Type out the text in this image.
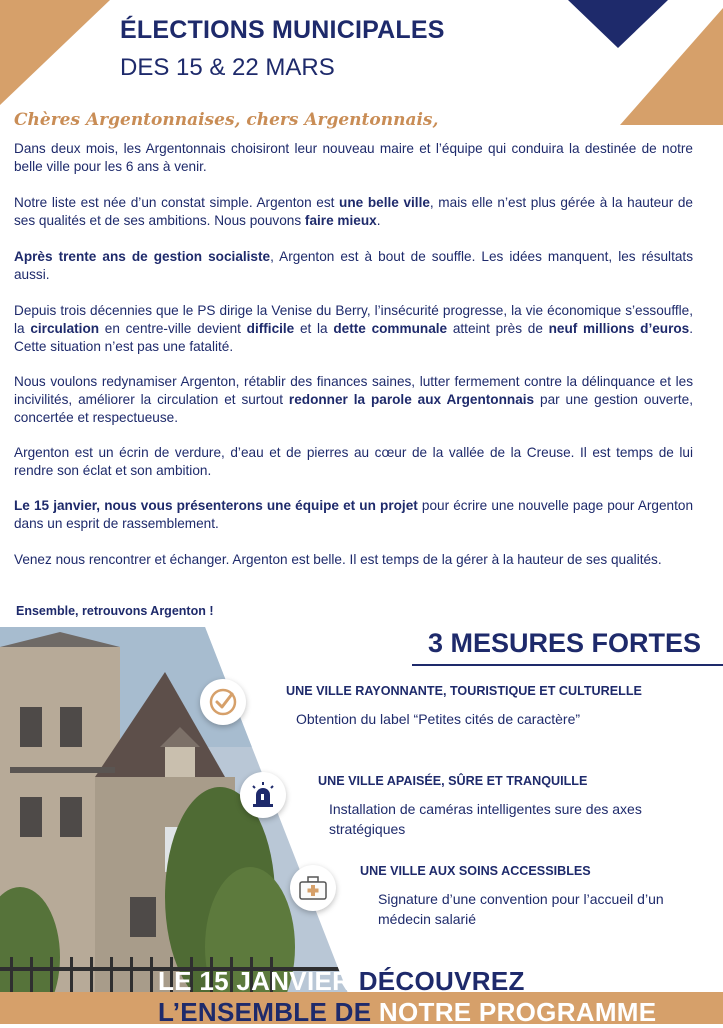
ÉLECTIONS MUNICIPALES
DES 15 & 22 MARS
Chères Argentonnaises, chers Argentonnais,
Dans deux mois, les Argentonnais choisiront leur nouveau maire et l’équipe qui conduira la destinée de notre belle ville pour les 6 ans à venir.
Notre liste est née d’un constat simple. Argenton est une belle ville, mais elle n’est plus gérée à la hauteur de ses qualités et de ses ambitions. Nous pouvons faire mieux.
Après trente ans de gestion socialiste, Argenton est à bout de souffle. Les idées manquent, les résultats aussi.
Depuis trois décennies que le PS dirige la Venise du Berry, l’insécurité progresse, la vie économique s’essouffle, la circulation en centre-ville devient difficile et la dette communale atteint près de neuf millions d’euros. Cette situation n’est pas une fatalité.
Nous voulons redynamiser Argenton, rétablir des finances saines, lutter fermement contre la délinquance et les incivilités, améliorer la circulation et surtout redonner la parole aux Argentonnais par une gestion ouverte, concertée et respectueuse.
Argenton est un écrin de verdure, d’eau et de pierres au cœur de la vallée de la Creuse. Il est temps de lui rendre son éclat et son ambition.
Le 15 janvier, nous vous présenterons une équipe et un projet pour écrire une nouvelle page pour Argenton dans un esprit de rassemblement.
Venez nous rencontrer et échanger. Argenton est belle. Il est temps de la gérer à la hauteur de ses qualités.
Ensemble, retrouvons Argenton !
3 MESURES FORTES
UNE VILLE RAYONNANTE, TOURISTIQUE ET CULTURELLE
Obtention du label “Petites cités de caractère”
UNE VILLE APAISÉE, SÛRE ET TRANQUILLE
Installation de caméras intelligentes sure des axes stratégiques
UNE VILLE AUX SOINS ACCESSIBLES
Signature d’une convention pour l’accueil d’un médecin salarié
LE 15 JANVIER DÉCOUVREZ
L’ENSEMBLE DE NOTRE PROGRAMME
